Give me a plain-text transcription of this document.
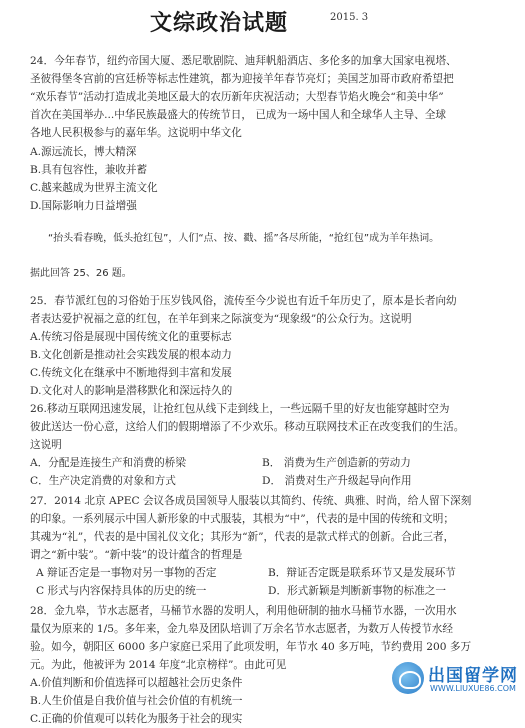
文综政治试题	2015. 3
24．今年春节，纽约帝国大厦、悉尼歌剧院、迪拜帆船酒店、多伦多的加拿大国家电视塔、
圣彼得堡冬宫前的宫廷桥等标志性建筑，都为迎接羊年春节亮灯；美国芝加哥市政府希望把
“欢乐春节”活动打造成北美地区最大的农历新年庆祝活动；大型春节焰火晚会“和美中华”
首次在美国举办...中华民族最盛大的传统节日， 已成为一场中国人和全球华人主导、全球
各地人民积极参与的嘉年华。这说明中华文化
A.源远流长，博大精深
B.具有包容性，兼收并蓄
C.越来越成为世界主流文化
D.国际影响力日益增强
“抬头看春晚，低头抢红包”，人们“点、按、戳、摇”各尽所能，“抢红包”成为羊年热词。
据此回答 25、26 题。
25．春节派红包的习俗始于压岁钱风俗，流传至今少说也有近千年历史了，原本是长者向幼
者表达爱护祝福之意的红包，在羊年到来之际演变为“现象级”的公众行为。这说明
A.传统习俗是展现中国传统文化的重要标志
B.文化创新是推动社会实践发展的根本动力
C.传统文化在继承中不断地得到丰富和发展
D.文化对人的影响是潜移默化和深远持久的
26.移动互联网迅速发展，让抢红包从线下走到线上，一些远隔千里的好友也能穿越时空为
彼此送达一份心意，这给人们的假期增添了不少欢乐。移动互联网技术正在改变我们的生活。
这说明
A．分配是连接生产和消费的桥梁	B． 消费为生产创造新的劳动力
C．生产决定消费的对象和方式	D． 消费对生产升级起导向作用
27．2014 北京 APEC 会议各成员国领导人服装以其简约、传统、典雅、时尚，给人留下深刻
的印象。一系列展示中国人新形象的中式服装，其根为“中”，代表的是中国的传统和文明；
其魂为“礼”，代表的是中国礼仪文化；其形为“新”，代表的是款式样式的创新。合此三者，
谓之“新中装”。“新中装”的设计蕴含的哲理是
A 辩证否定是一事物对另一事物的否定	B．辩证否定既是联系环节又是发展环节
C 形式与内容保持具体的历史的统一	D．形式新颖是判断新事物的标准之一
28．金九皋，节水志愿者，马桶节水器的发明人，利用他研制的抽水马桶节水器，一次用水
量仅为原来的 1/5。多年来，金九皋及团队培训了万余名节水志愿者，为数万人传授节水经
验。如今，朝阳区 6000 多户家庭已采用了此项发明，年节水 40 多万吨，节约费用 200 多万
元。为此，他被评为 2014 年度“北京榜样”。由此可见
A.价值判断和价值选择可以超越社会历史条件
B.人生价值是自我价值与社会价值的有机统一
C.正确的价值观可以转化为服务于社会的现实
出国留学网
WWW.LIUXUE86.COM
